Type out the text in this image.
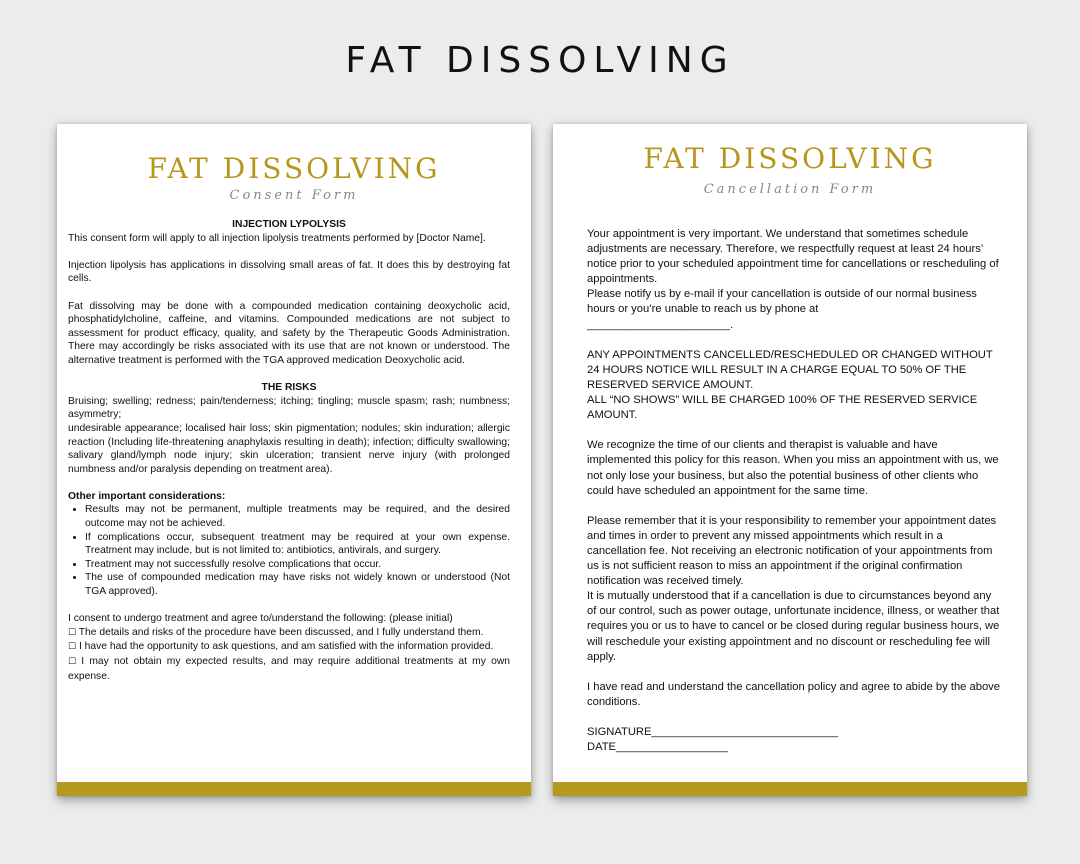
FAT DISSOLVING
FAT DISSOLVING
Consent Form

INJECTION LYPOLYSIS

This consent form will apply to all injection lipolysis treatments performed by [Doctor Name].

Injection lipolysis has applications in dissolving small areas of fat. It does this by destroying fat cells.

Fat dissolving may be done with a compounded medication containing deoxycholic acid, phosphatidylcholine, caffeine, and vitamins. Compounded medications are not subject to assessment for product efficacy, quality, and safety by the Therapeutic Goods Administration. There may accordingly be risks associated with its use that are not known or understood. The alternative treatment is performed with the TGA approved medication Deoxycholic acid.

THE RISKS

Bruising; swelling; redness; pain/tenderness; itching; tingling; muscle spasm; rash; numbness; asymmetry;

undesirable appearance; localised hair loss; skin pigmentation; nodules; skin induration; allergic reaction (Including life-threatening anaphylaxis resulting in death); infection; difficulty swallowing; salivary gland/lymph node injury; skin ulceration; transient nerve injury (with prolonged numbness and/or paralysis depending on treatment area).

Other important considerations:

• Results may not be permanent, multiple treatments may be required, and the desired outcome may not be achieved.
• If complications occur, subsequent treatment may be required at your own expense. Treatment may include, but is not limited to: antibiotics, antivirals, and surgery.
• Treatment may not successfully resolve complications that occur.
• The use of compounded medication may have risks not widely known or understood (Not TGA approved).

I consent to undergo treatment and agree to/understand the following: (please initial)

☐ The details and risks of the procedure have been discussed, and I fully understand them.

☐ I have had the opportunity to ask questions, and am satisfied with the information provided.

☐ I may not obtain my expected results, and may require additional treatments at my own expense.

FAT DISSOLVING
Cancellation Form

Your appointment is very important. We understand that sometimes schedule adjustments are necessary. Therefore, we respectfully request at least 24 hours’ notice prior to your scheduled appointment time for cancellations or rescheduling of appointments.

Please notify us by e-mail if your cancellation is outside of our normal business hours or you’re unable to reach us by phone at
_______________________.

ANY APPOINTMENTS CANCELLED/RESCHEDULED OR CHANGED WITHOUT 24 HOURS NOTICE WILL RESULT IN A CHARGE EQUAL TO 50% OF THE RESERVED SERVICE AMOUNT.

ALL “NO SHOWS” WILL BE CHARGED 100% OF THE RESERVED SERVICE AMOUNT.

We recognize the time of our clients and therapist is valuable and have implemented this policy for this reason. When you miss an appointment with us, we not only lose your business, but also the potential business of other clients who could have scheduled an appointment for the same time.

Please remember that it is your responsibility to remember your appointment dates and times in order to prevent any missed appointments which result in a cancellation fee. Not receiving an electronic notification of your appointments from us is not sufficient reason to miss an appointment if the original confirmation notification was received timely.

It is mutually understood that if a cancellation is due to circumstances beyond any of our control, such as power outage, unfortunate incidence, illness, or weather that requires you or us to have to cancel or be closed during regular business hours, we will reschedule your existing appointment and no discount or rescheduling fee will apply.

I have read and understand the cancellation policy and agree to abide by the above conditions.

SIGNATURE______________________________

DATE__________________
